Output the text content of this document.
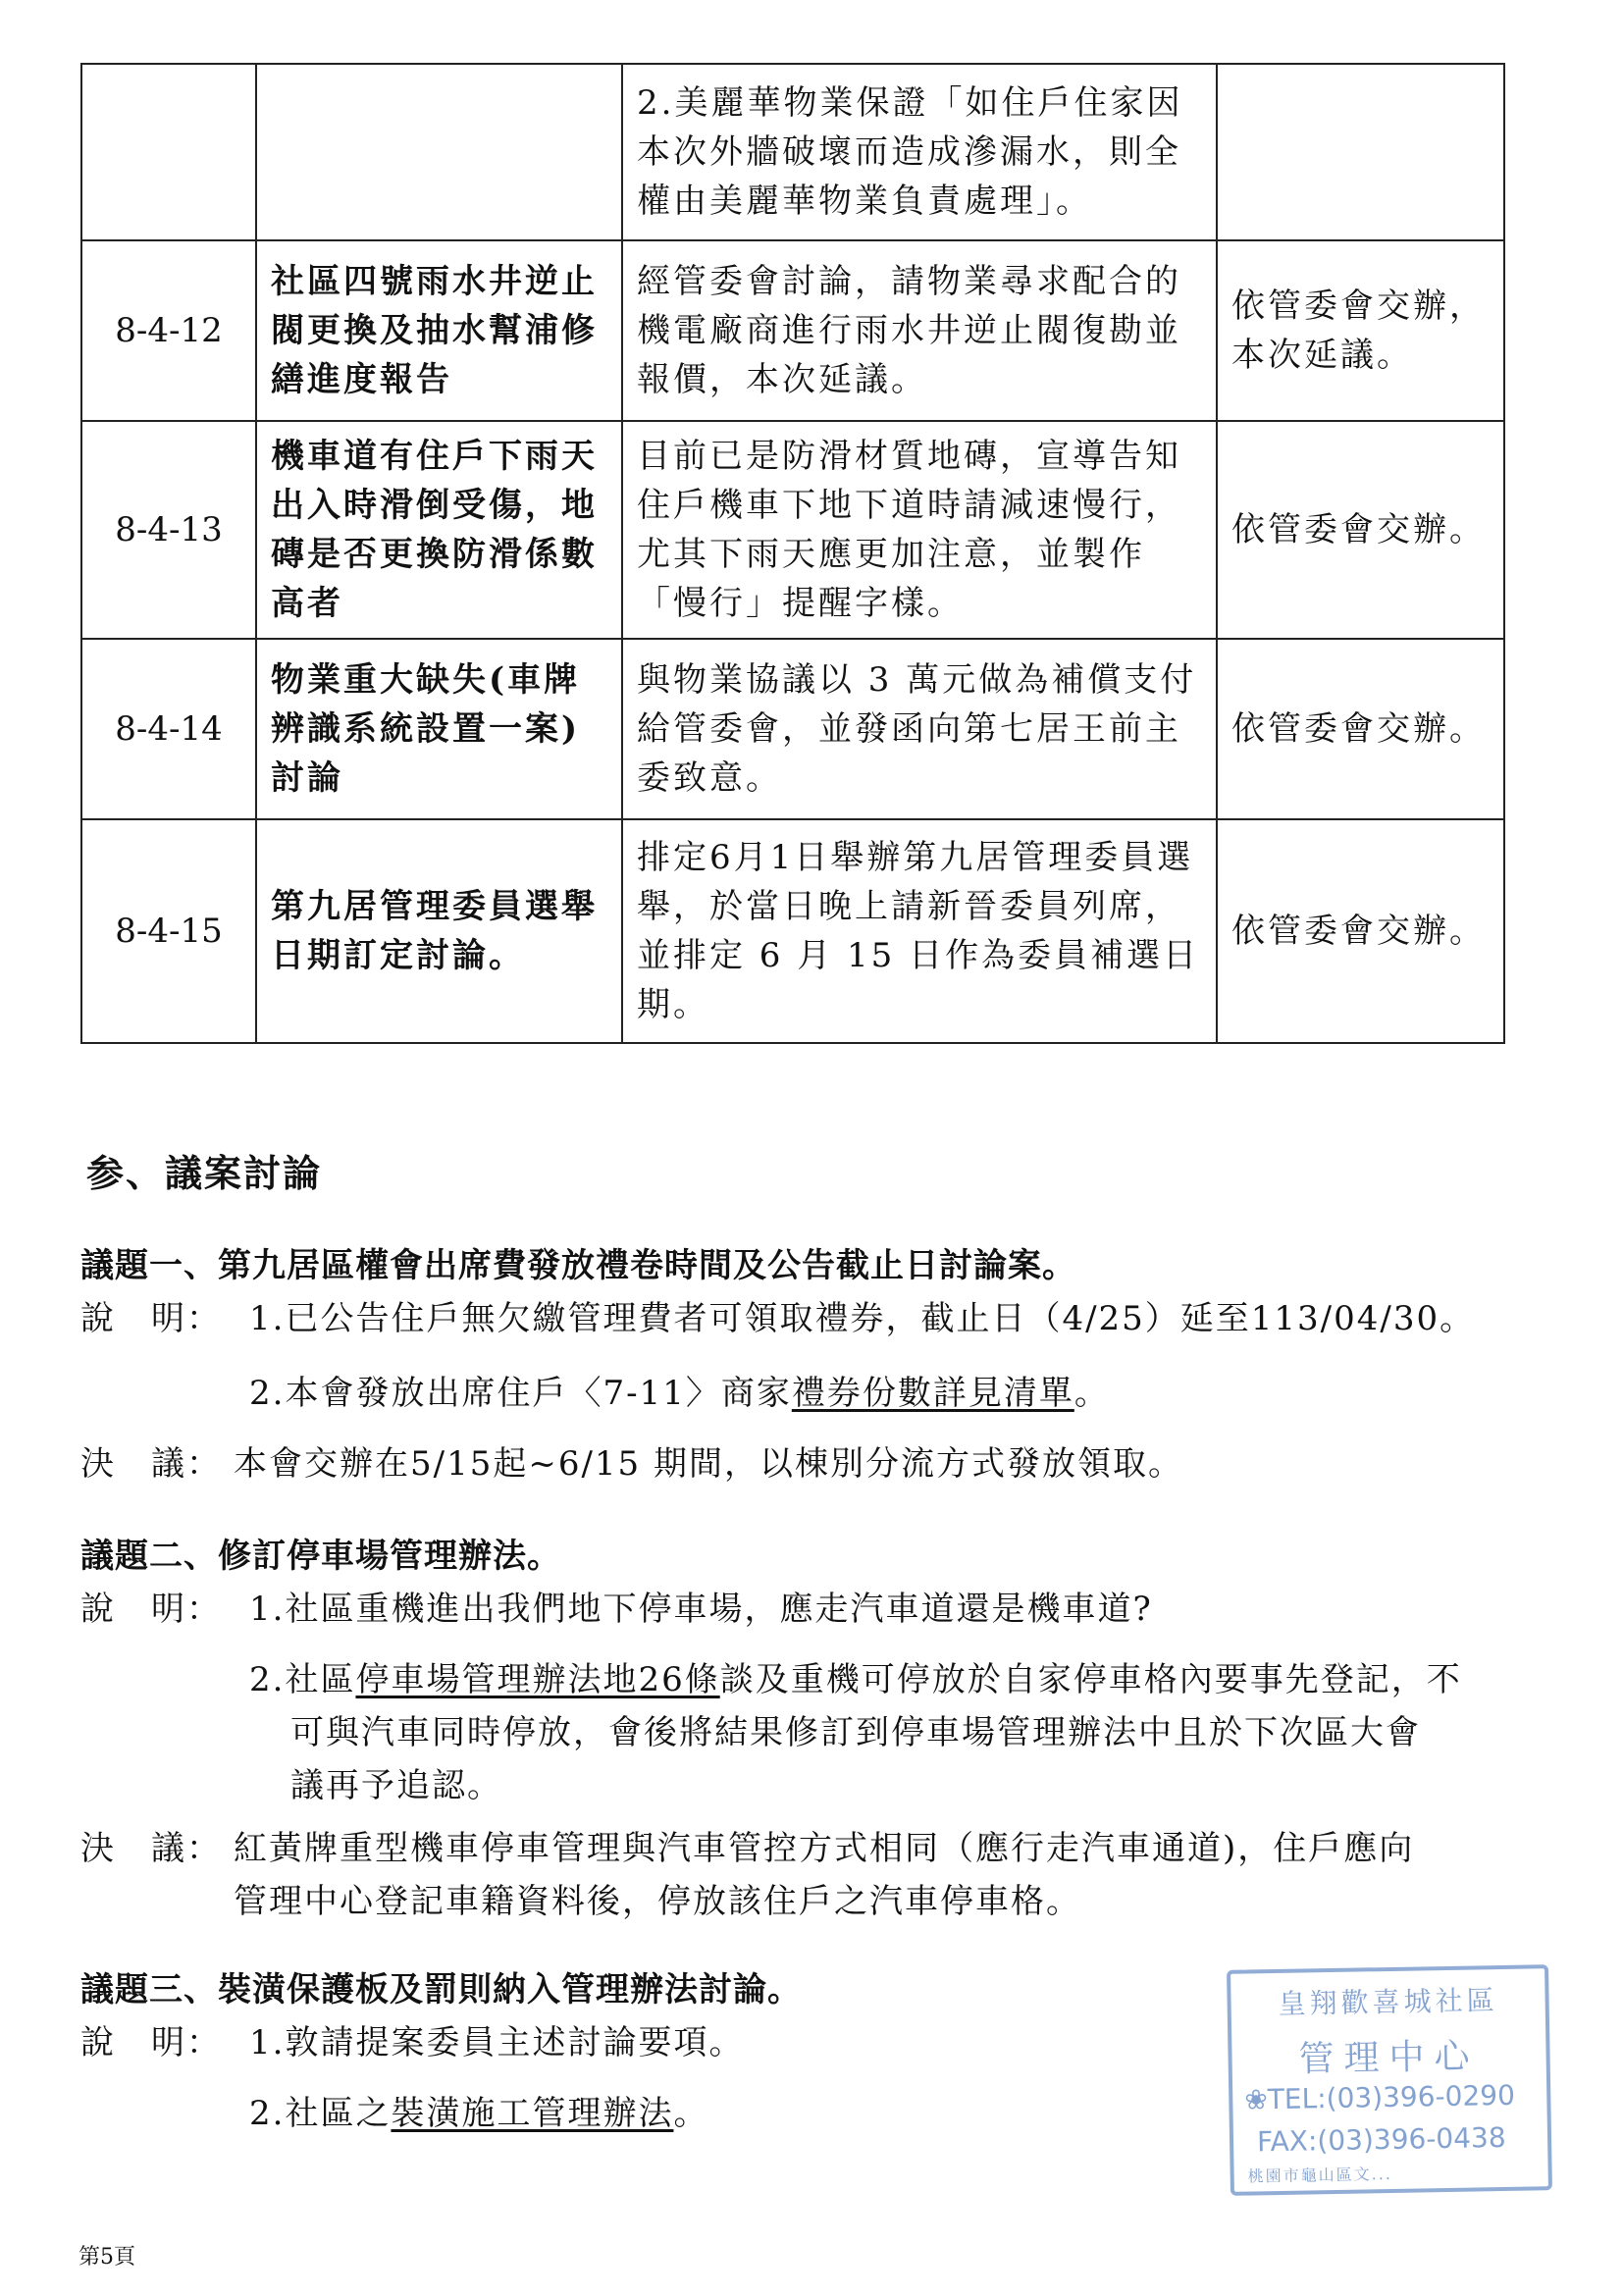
		2.美麗華物業保證「如住戶住家因本次外牆破壞而造成滲漏水，則全權由美麗華物業負責處理」。	
8-4-12	社區四號雨水井逆止閥更換及抽水幫浦修繕進度報告	經管委會討論，請物業尋求配合的機電廠商進行雨水井逆止閥復勘並報價，本次延議。	依管委會交辦，本次延議。
8-4-13	機車道有住戶下雨天出入時滑倒受傷，地磚是否更換防滑係數高者	目前已是防滑材質地磚，宣導告知住戶機車下地下道時請減速慢行，尤其下雨天應更加注意，並製作「慢行」提醒字樣。	依管委會交辦。
8-4-14	物業重大缺失(車牌辨識系統設置一案)討論	與物業協議以 3 萬元做為補償支付給管委會，並發函向第七居王前主委致意。	依管委會交辦。
8-4-15	第九居管理委員選舉日期訂定討論。	排定6月1日舉辦第九居管理委員選舉，於當日晚上請新晉委員列席，並排定 6 月 15 日作為委員補選日期。	依管委會交辦。
参、議案討論
議題一、第九居區權會出席費發放禮卷時間及公告截止日討論案。
說　明： 1.已公告住戶無欠繳管理費者可領取禮券，截止日（4/25）延至113/04/30。
2.本會發放出席住戶〈7-11〉商家禮券份數詳見清單。
決　議： 本會交辦在5/15起~6/15 期間，以棟別分流方式發放領取。
議題二、修訂停車場管理辦法。
說　明： 1.社區重機進出我們地下停車場，應走汽車道還是機車道?
2.社區停車場管理辦法地26條談及重機可停放於自家停車格內要事先登記，不
可與汽車同時停放，會後將結果修訂到停車場管理辦法中且於下次區大會
議再予追認。
決　議： 紅黃牌重型機車停車管理與汽車管控方式相同（應行走汽車通道)，住戶應向
管理中心登記車籍資料後，停放該住戶之汽車停車格。
議題三、裝潢保護板及罰則納入管理辦法討論。
說　明： 1.敦請提案委員主述討論要項。
2.社區之裝潢施工管理辦法。
皇翔歡喜城社區
管理中心
❀TEL:(03)396-0290
FAX:(03)396-0438
桃園市龜山區文...
第5頁
